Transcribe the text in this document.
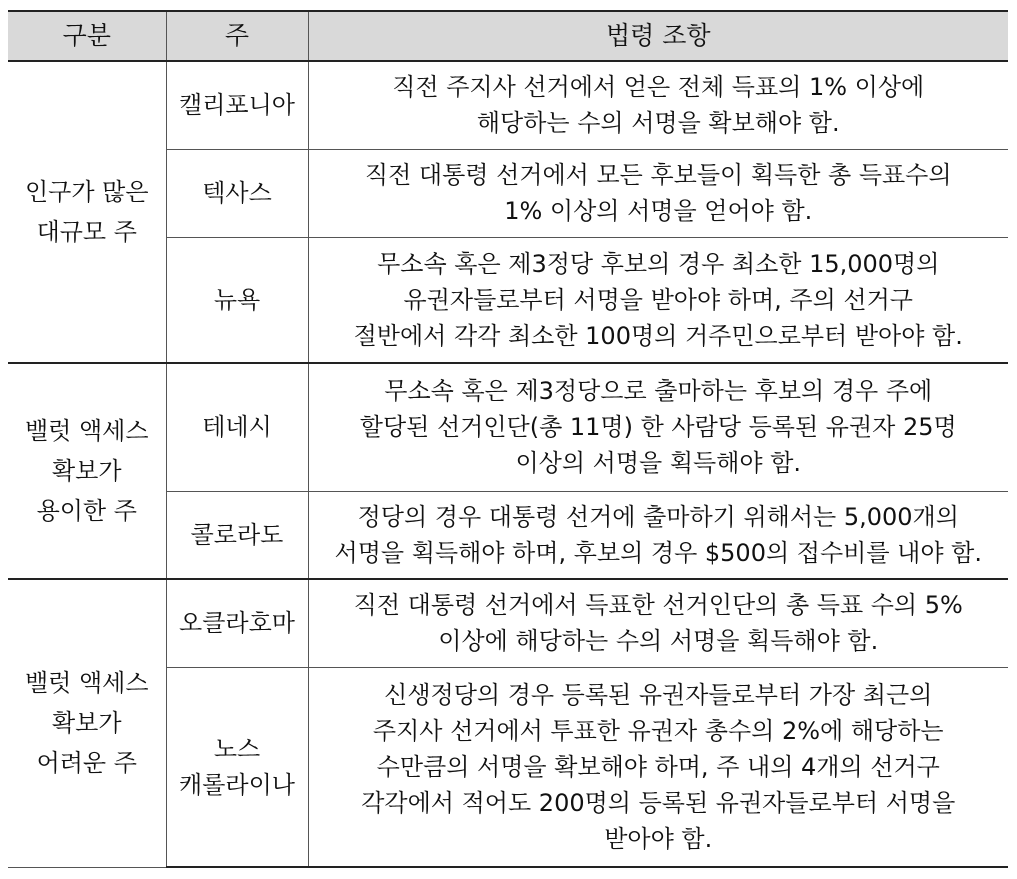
구분	주	법령 조항
인구가 많은
대규모 주	캘리포니아	직전 주지사 선거에서 얻은 전체 득표의 1% 이상에
해당하는 수의 서명을 확보해야 함.

	텍사스	직전 대통령 선거에서 모든 후보들이 획득한 총 득표수의
1% 이상의 서명을 얻어야 함.

	뉴욕	무소속 혹은 제3정당 후보의 경우 최소한 15,000명의
유권자들로부터 서명을 받아야 하며, 주의 선거구
절반에서 각각 최소한 100명의 거주민으로부터 받아야 함.

밸럿 액세스
확보가
용이한 주	테네시	무소속 혹은 제3정당으로 출마하는 후보의 경우 주에
할당된 선거인단(총 11명) 한 사람당 등록된 유권자 25명
이상의 서명을 획득해야 함.

	콜로라도	정당의 경우 대통령 선거에 출마하기 위해서는 5,000개의
서명을 획득해야 하며, 후보의 경우 $500의 접수비를 내야 함.

밸럿 액세스
확보가
어려운 주	오클라호마	직전 대통령 선거에서 득표한 선거인단의 총 득표 수의 5%
이상에 해당하는 수의 서명을 획득해야 함.

	노스
캐롤라이나	신생정당의 경우 등록된 유권자들로부터 가장 최근의
주지사 선거에서 투표한 유권자 총수의 2%에 해당하는
수만큼의 서명을 확보해야 하며, 주 내의 4개의 선거구
각각에서 적어도 200명의 등록된 유권자들로부터 서명을
받아야 함.
